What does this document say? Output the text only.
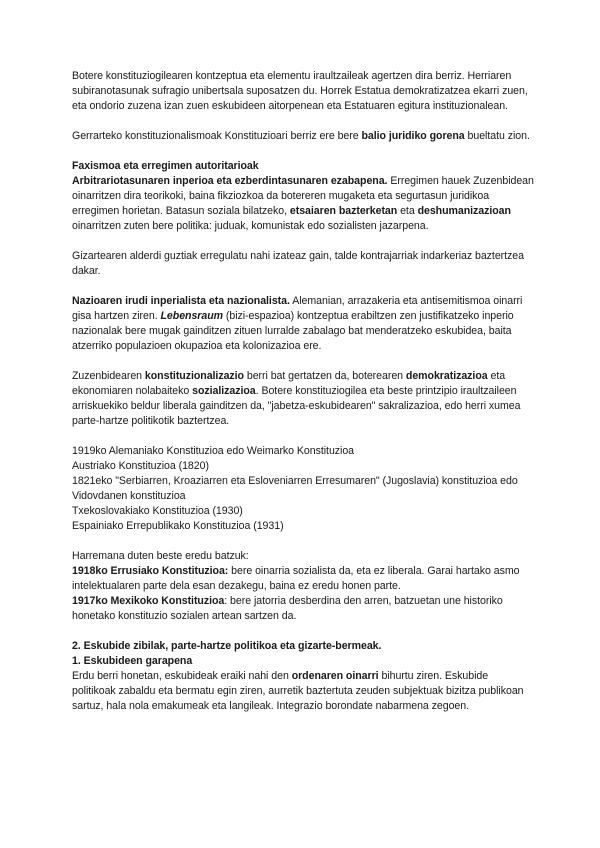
Botere konstituziogilearen kontzeptua eta elementu iraultzaileak agertzen dira berriz. Herriaren subiranotasunak sufragio unibertsala suposatzen du. Horrek Estatua demokratizatzea ekarri zuen, eta ondorio zuzena izan zuen eskubideen aitorpenean eta Estatuaren egitura instituzionalean.

Gerrarteko konstituzionalismoak Konstituzioari berriz ere bere balio juridiko gorena bueltatu zion.

Faxismoa eta erregimen autoritarioak

Arbitrariotasunaren inperioa eta ezberdintasunaren ezabapena. Erregimen hauek Zuzenbidean oinarritzen dira teorikoki, baina fikziozkoa da botereren mugaketa eta segurtasun juridikoa erregimen horietan. Batasun soziala bilatzeko, etsaiaren bazterketan eta deshumanizazioan oinarritzen zuten bere politika: juduak, komunistak edo sozialisten jazarpena.

Gizartearen alderdi guztiak erregulatu nahi izateaz gain, talde kontrajarriak indarkeriaz baztertzea dakar.

Nazioaren irudi inperialista eta nazionalista. Alemanian, arrazakeria eta antisemitismoa oinarri gisa hartzen ziren. Lebensraum (bizi-espazioa) kontzeptua erabiltzen zen justifikatzeko inperio nazionalak bere mugak gainditzen zituen lurralde zabalago bat menderatzeko eskubidea, baita atzerriko populazioen okupazioa eta kolonizazioa ere.

Zuzenbidearen konstituzionalizazio berri bat gertatzen da, boterearen demokratizazioa eta ekonomiaren nolabaiteko sozializazioa. Botere konstituziogilea eta beste printzipio iraultzaileen arriskuekiko beldur liberala gainditzen da, "jabetza-eskubidearen" sakralizazioa, edo herri xumea parte-hartze politikotik baztertzea.

1919ko Alemaniako Konstituzioa edo Weimarko Konstituzioa

Austriako Konstituzioa (1820)

1821eko "Serbiarren, Kroaziarren eta Esloveniarren Erresumaren" (Jugoslavia) konstituzioa edo Vidovdanen konstituzioa

Txekoslovakiako Konstituzioa (1930)

Espainiako Errepublikako Konstituzioa (1931)

Harremana duten beste eredu batzuk:

1918ko Errusiako Konstituzioa: bere oinarria sozialista da, eta ez liberala. Garai hartako asmo intelektualaren parte dela esan dezakegu, baina ez eredu honen parte.

1917ko Mexikoko Konstituzioa: bere jatorria desberdina den arren, batzuetan une historiko honetako konstituzio sozialen artean sartzen da.

2. Eskubide zibilak, parte-hartze politikoa eta gizarte-bermeak.

1. Eskubideen garapena

Erdu berri honetan, eskubideak eraiki nahi den ordenaren oinarri bihurtu ziren. Eskubide politikoak zabaldu eta bermatu egin ziren, aurretik baztertuta zeuden subjektuak bizitza publikoan sartuz, hala nola emakumeak eta langileak. Integrazio borondate nabarmena zegoen.
